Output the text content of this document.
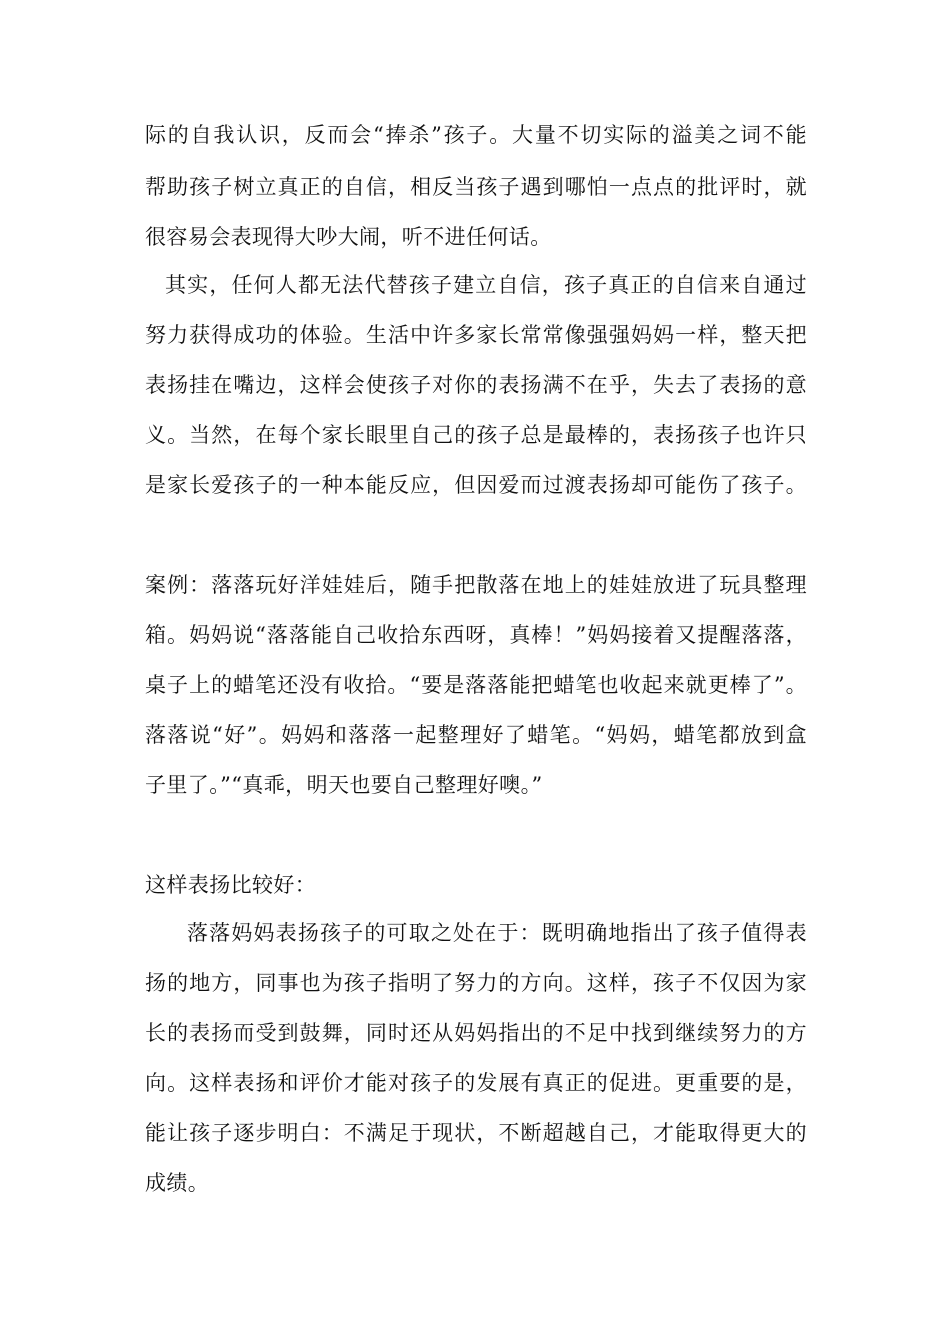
际的自我认识，反而会“捧杀”孩子。大量不切实际的溢美之词不能

帮助孩子树立真正的自信，相反当孩子遇到哪怕一点点的批评时，就

很容易会表现得大吵大闹，听不进任何话。

其实，任何人都无法代替孩子建立自信，孩子真正的自信来自通过

努力获得成功的体验。生活中许多家长常常像强强妈妈一样，整天把

表扬挂在嘴边，这样会使孩子对你的表扬满不在乎，失去了表扬的意

义。当然，在每个家长眼里自己的孩子总是最棒的，表扬孩子也许只

是家长爱孩子的一种本能反应，但因爱而过渡表扬却可能伤了孩子。

案例：落落玩好洋娃娃后，随手把散落在地上的娃娃放进了玩具整理

箱。妈妈说“落落能自己收拾东西呀，真棒！”妈妈接着又提醒落落，

桌子上的蜡笔还没有收拾。“要是落落能把蜡笔也收起来就更棒了”。

落落说“好”。妈妈和落落一起整理好了蜡笔。“妈妈，蜡笔都放到盒

子里了。”“真乖，明天也要自己整理好噢。”

这样表扬比较好：

落落妈妈表扬孩子的可取之处在于：既明确地指出了孩子值得表

扬的地方，同事也为孩子指明了努力的方向。这样，孩子不仅因为家

长的表扬而受到鼓舞，同时还从妈妈指出的不足中找到继续努力的方

向。这样表扬和评价才能对孩子的发展有真正的促进。更重要的是，

能让孩子逐步明白：不满足于现状，不断超越自己，才能取得更大的

成绩。
